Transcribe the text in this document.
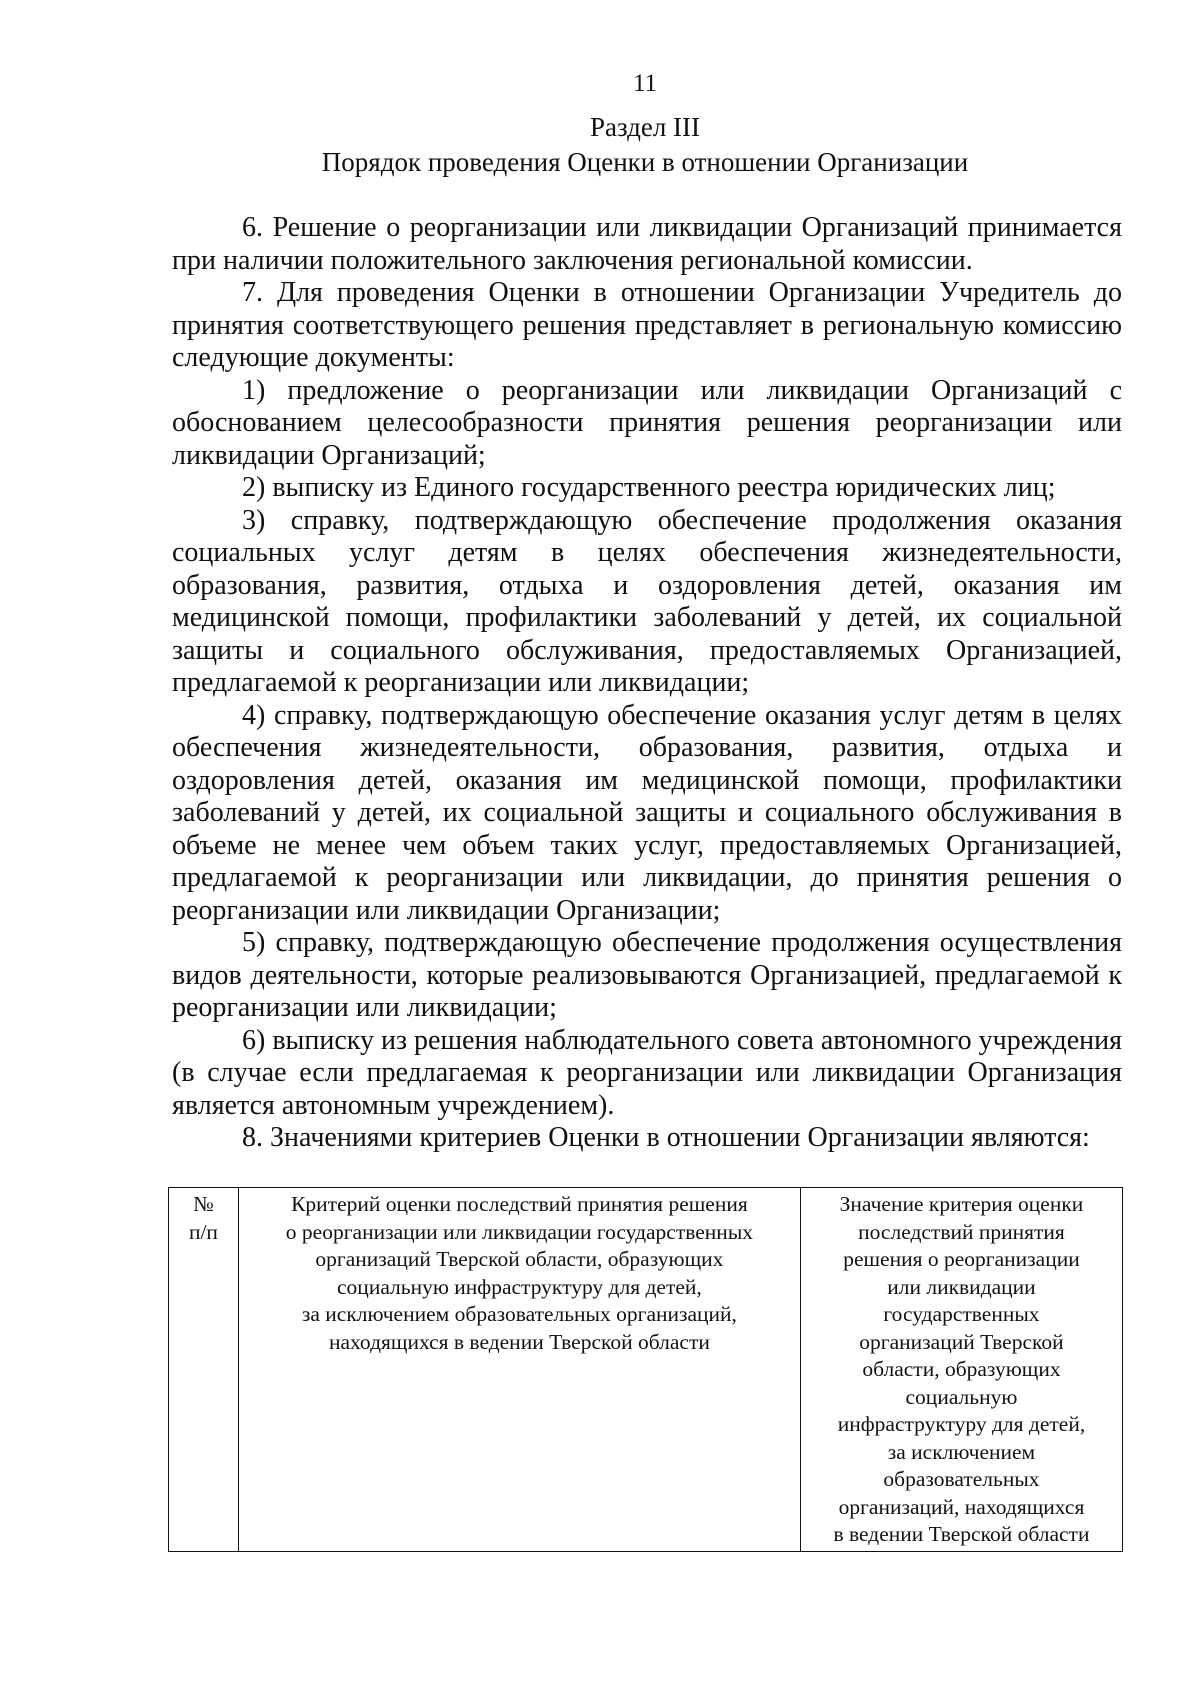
11
Раздел III
Порядок проведения Оценки в отношении Организации

6. Решение о реорганизации или ликвидации Организаций принимается при наличии положительного заключения региональной комиссии.

7. Для проведения Оценки в отношении Организации Учредитель до принятия соответствующего решения представляет в региональную комиссию следующие документы:

1) предложение о реорганизации или ликвидации Организаций с обоснованием целесообразности принятия решения реорганизации или ликвидации Организаций;

2) выписку из Единого государственного реестра юридических лиц;

3) справку, подтверждающую обеспечение продолжения оказания социальных услуг детям в целях обеспечения жизнедеятельности, образования, развития, отдыха и оздоровления детей, оказания им медицинской помощи, профилактики заболеваний у детей, их социальной защиты и социального обслуживания, предоставляемых Организацией, предлагаемой к реорганизации или ликвидации;

4) справку, подтверждающую обеспечение оказания услуг детям в целях обеспечения жизнедеятельности, образования, развития, отдыха и оздоровления детей, оказания им медицинской помощи, профилактики заболеваний у детей, их социальной защиты и социального обслуживания в объеме не менее чем объем таких услуг, предоставляемых Организацией, предлагаемой к реорганизации или ликвидации, до принятия решения о реорганизации или ликвидации Организации;

5) справку, подтверждающую обеспечение продолжения осуществления видов деятельности, которые реализовываются Организацией, предлагаемой к реорганизации или ликвидации;

6) выписку из решения наблюдательного совета автономного учреждения (в случае если предлагаемая к реорганизации или ликвидации Организация является автономным учреждением).

8. Значениями критериев Оценки в отношении Организации являются:

№
п/п	Критерий оценки последствий принятия решения
о реорганизации или ликвидации государственных
организаций Тверской области, образующих
социальную инфраструктуру для детей,
за исключением образовательных организаций,
находящихся в ведении Тверской области	Значение критерия оценки
последствий принятия
решения о реорганизации
или ликвидации
государственных
организаций Тверской
области, образующих
социальную
инфраструктуру для детей,
за исключением
образовательных
организаций, находящихся
в ведении Тверской области
